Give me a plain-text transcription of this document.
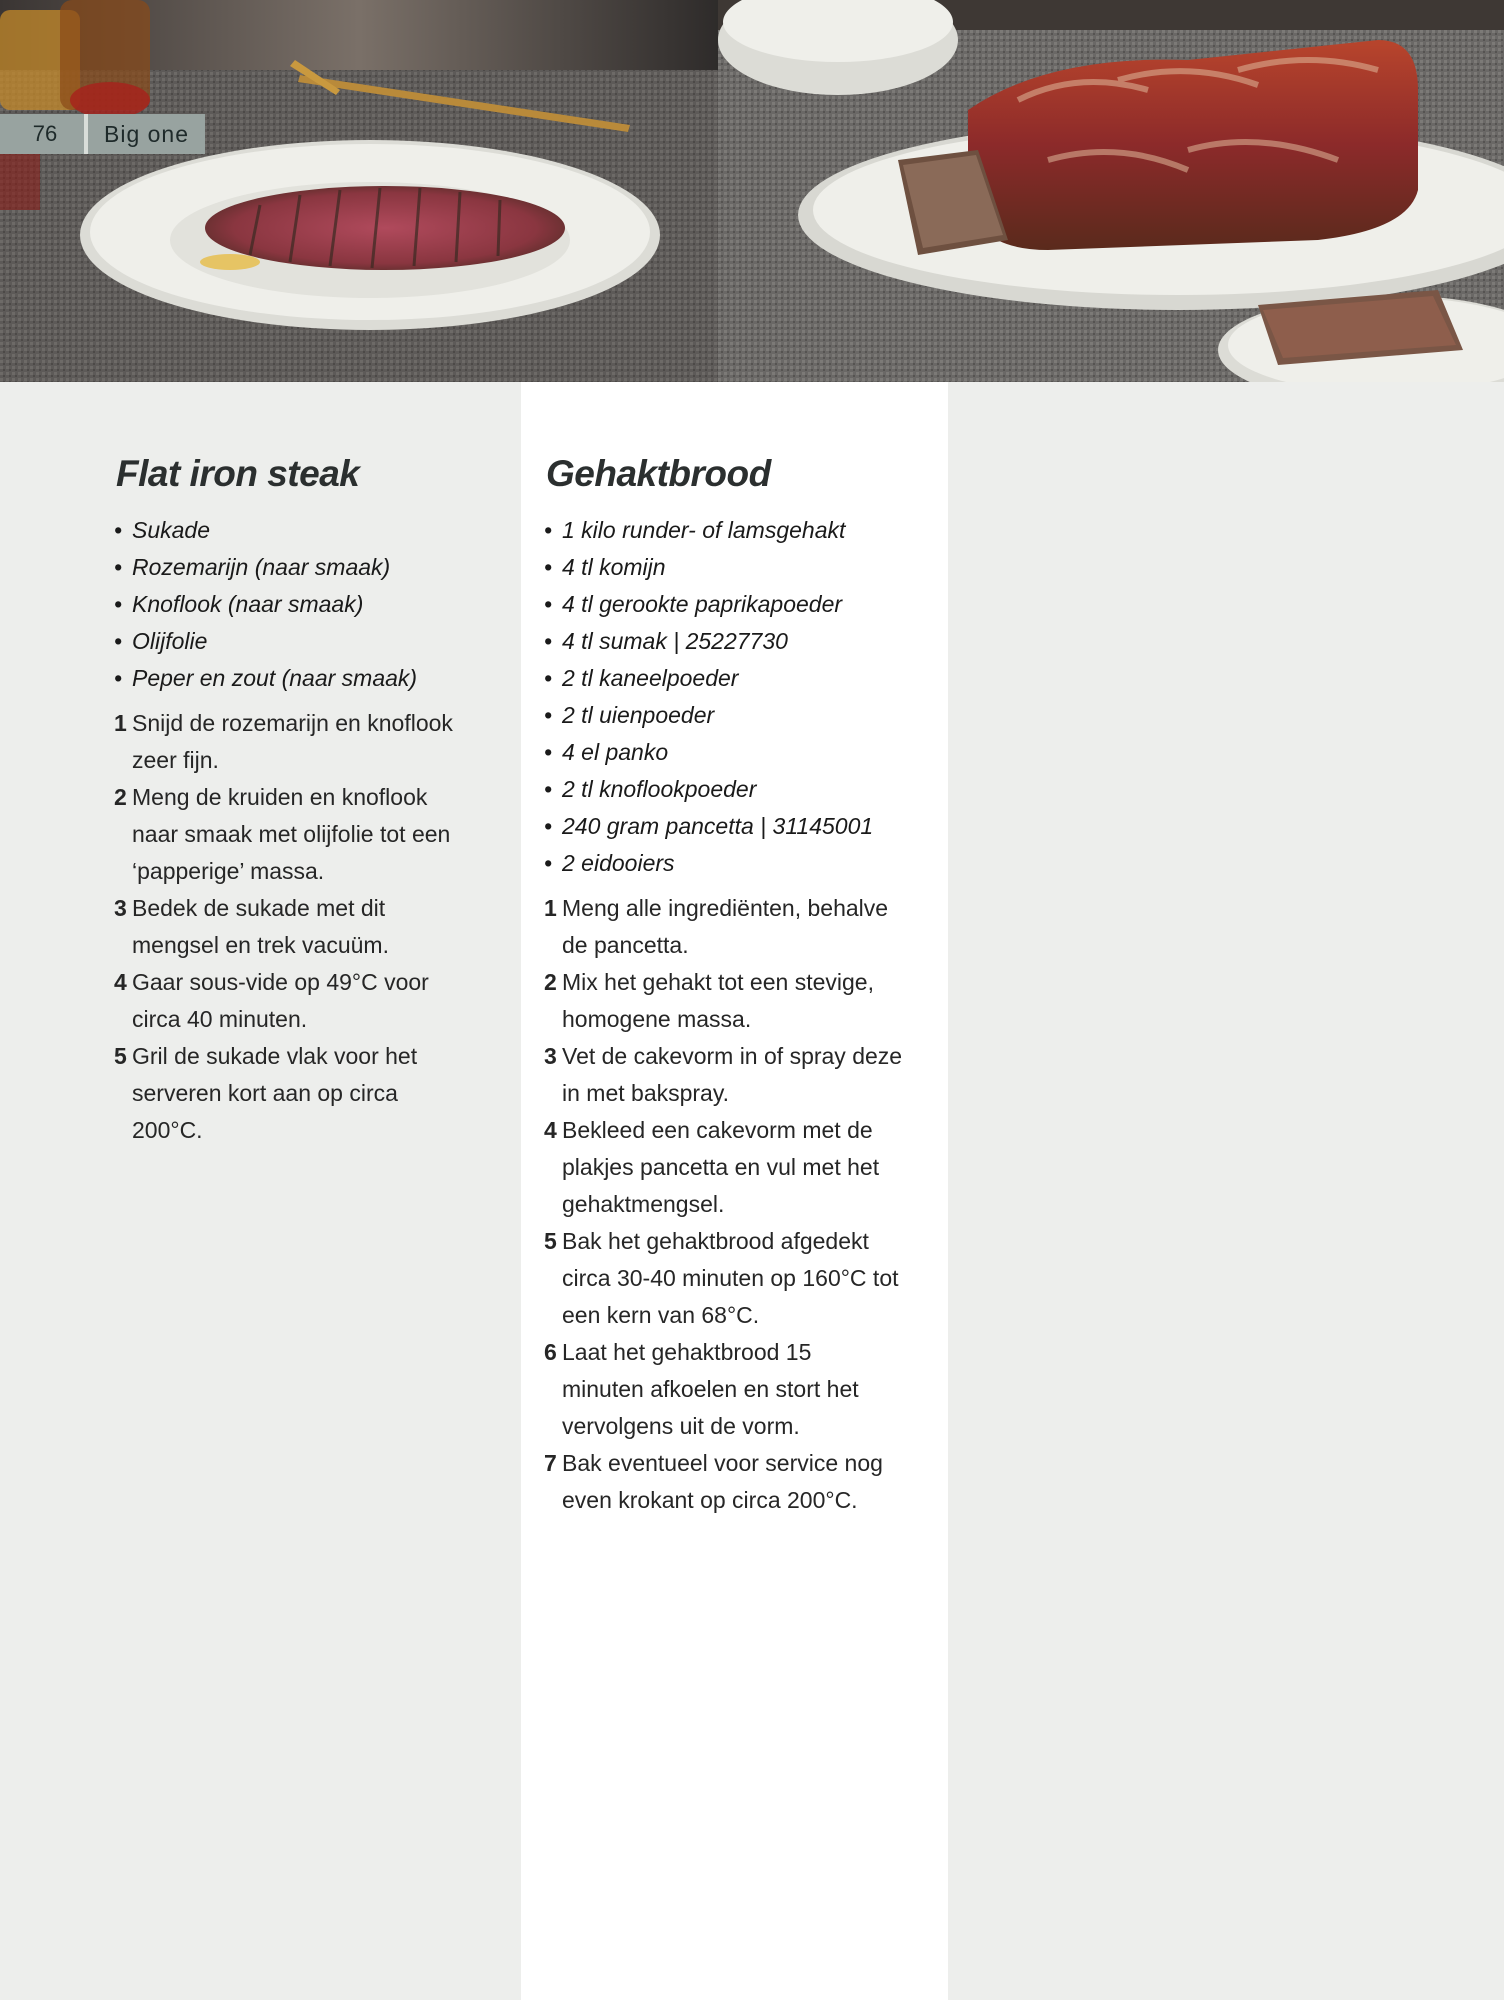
76	Big one
Flat iron steak
• Sukade
• Rozemarijn (naar smaak)
• Knoflook (naar smaak)
• Olijfolie
• Peper en zout (naar smaak)
1 Snijd de rozemarijn en knoflook
zeer fijn.
2 Meng de kruiden en knoflook
naar smaak met olijfolie tot een
‘papperige’ massa.
3 Bedek de sukade met dit
mengsel en trek vacuüm.
4 Gaar sous-vide op 49°C voor
circa 40 minuten.
5 Gril de sukade vlak voor het
serveren kort aan op circa
200°C.
Gehaktbrood
• 1 kilo runder- of lamsgehakt
• 4 tl komijn
• 4 tl gerookte paprikapoeder
• 4 tl sumak | 25227730
• 2 tl kaneelpoeder
• 2 tl uienpoeder
• 4 el panko
• 2 tl knoflookpoeder
• 240 gram pancetta | 31145001
• 2 eidooiers
1 Meng alle ingrediënten, behalve
de pancetta.
2 Mix het gehakt tot een stevige,
homogene massa.
3 Vet de cakevorm in of spray deze
in met bakspray.
4 Bekleed een cakevorm met de
plakjes pancetta en vul met het
gehaktmengsel.
5 Bak het gehaktbrood afgedekt
circa 30-40 minuten op 160°C tot
een kern van 68°C.
6 Laat het gehaktbrood 15
minuten afkoelen en stort het
vervolgens uit de vorm.
7 Bak eventueel voor service nog
even krokant op circa 200°C.
